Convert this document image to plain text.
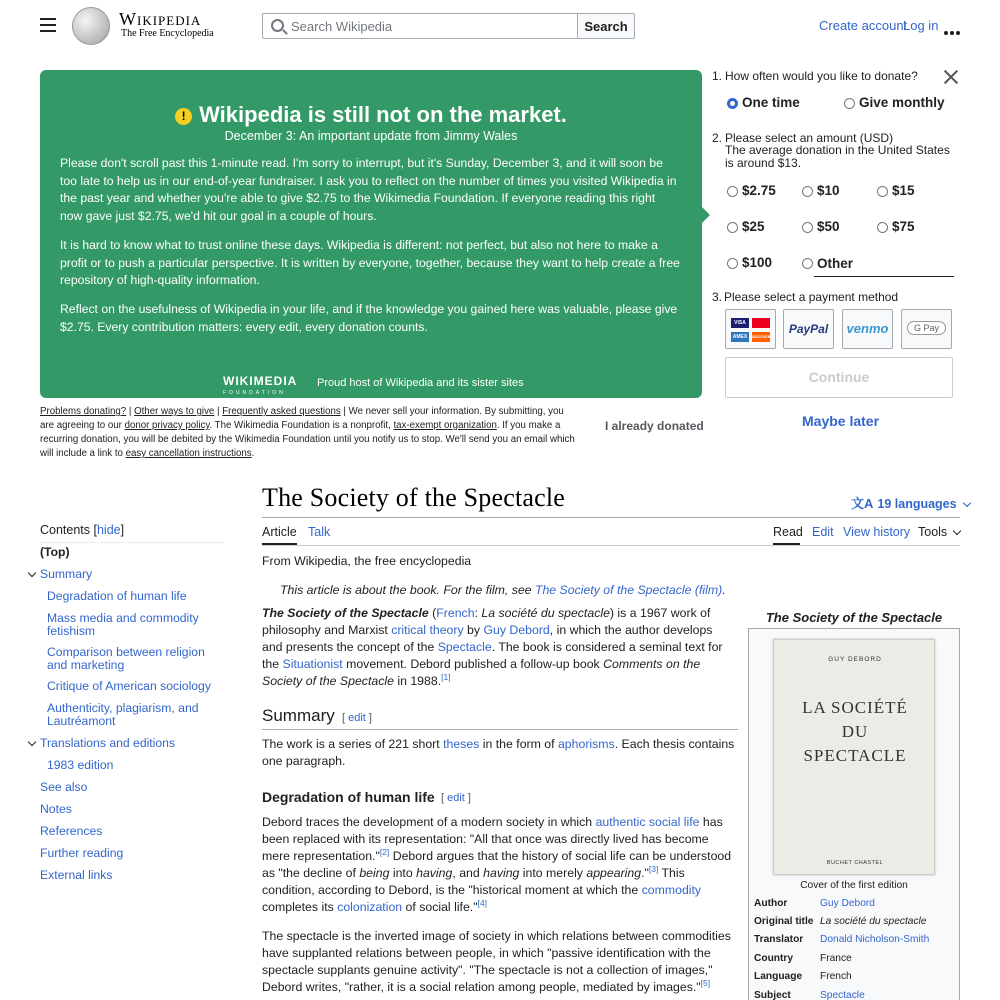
Wikipedia
The Free Encyclopedia
Search Wikipedia	Search	Create account
Log in
! Wikipedia is still not on the market.
December 3: An important update from Jimmy Wales
Please don't scroll past this 1-minute read. I'm sorry to interrupt, but it's Sunday, December 3, and it will soon be too late to help us in our end-of-year fundraiser. I ask you to reflect on the number of times you visited Wikipedia in the past year and whether you're able to give $2.75 to the Wikimedia Foundation. If everyone reading this right now gave just $2.75, we'd hit our goal in a couple of hours.
It is hard to know what to trust online these days. Wikipedia is different: not perfect, but also not here to make a profit or to push a particular perspective. It is written by everyone, together, because they want to help create a free repository of high-quality information.
Reflect on the usefulness of Wikipedia in your life, and if the knowledge you gained here was valuable, please give $2.75. Every contribution matters: every edit, every donation counts.
WIKIMEDIA
FOUNDATION
Proud host of Wikipedia and its sister sites
Problems donating? | Other ways to give | Frequently asked questions | We never sell your information. By submitting, you are agreeing to our donor privacy policy. The Wikimedia Foundation is a nonprofit, tax-exempt organization. If you make a recurring donation, you will be debited by the Wikimedia Foundation until you notify us to stop. We'll send you an email which will include a link to easy cancellation instructions.
I already donated
1. How often would you like to donate?
One time	Give monthly
2. Please select an amount (USD)
The average donation in the United States is around $13.
$2.75	$10	$15
$25	$50	$75
$100	Other
3. Please select a payment method
VISA
AMEX	DISCOVER
PayPal	venmo	G Pay
Continue
Maybe later
The Society of the Spectacle	文A 19 languages
Article Talk	Read Edit View history Tools
Contents [hide]
(Top)
Summary
Degradation of human life
Mass media and commodity fetishism
Comparison between religion and marketing
Critique of American sociology
Authenticity, plagiarism, and Lautréamont
Translations and editions
1983 edition
See also
Notes
References
Further reading
External links
From Wikipedia, the free encyclopedia
This article is about the book. For the film, see The Society of the Spectacle (film).
The Society of the Spectacle (French: La société du spectacle) is a 1967 work of philosophy and Marxist critical theory by Guy Debord, in which the author develops and presents the concept of the Spectacle. The book is considered a seminal text for the Situationist movement. Debord published a follow-up book Comments on the Society of the Spectacle in 1988.[1]
Summary [ edit ]
The work is a series of 221 short theses in the form of aphorisms. Each thesis contains one paragraph.
Degradation of human life [ edit ]
Debord traces the development of a modern society in which authentic social life has been replaced with its representation: "All that once was directly lived has become mere representation."[2] Debord argues that the history of social life can be understood as "the decline of being into having, and having into merely appearing."[3] This condition, according to Debord, is the "historical moment at which the commodity completes its colonization of social life."[4]
The spectacle is the inverted image of society in which relations between commodities have supplanted relations between people, in which "passive identification with the spectacle supplants genuine activity". "The spectacle is not a collection of images," Debord writes, "rather, it is a social relation among people, mediated by images."[5]
The Society of the Spectacle
GUY DEBORD
LA SOCIÉTÉ
DU
SPECTACLE
BUCHET CHASTEL
Cover of the first edition
Author	Guy Debord
Original title La société du spectacle
Translator	Donald Nicholson-Smith
Country	France
Language	French
Subject	Spectacle
